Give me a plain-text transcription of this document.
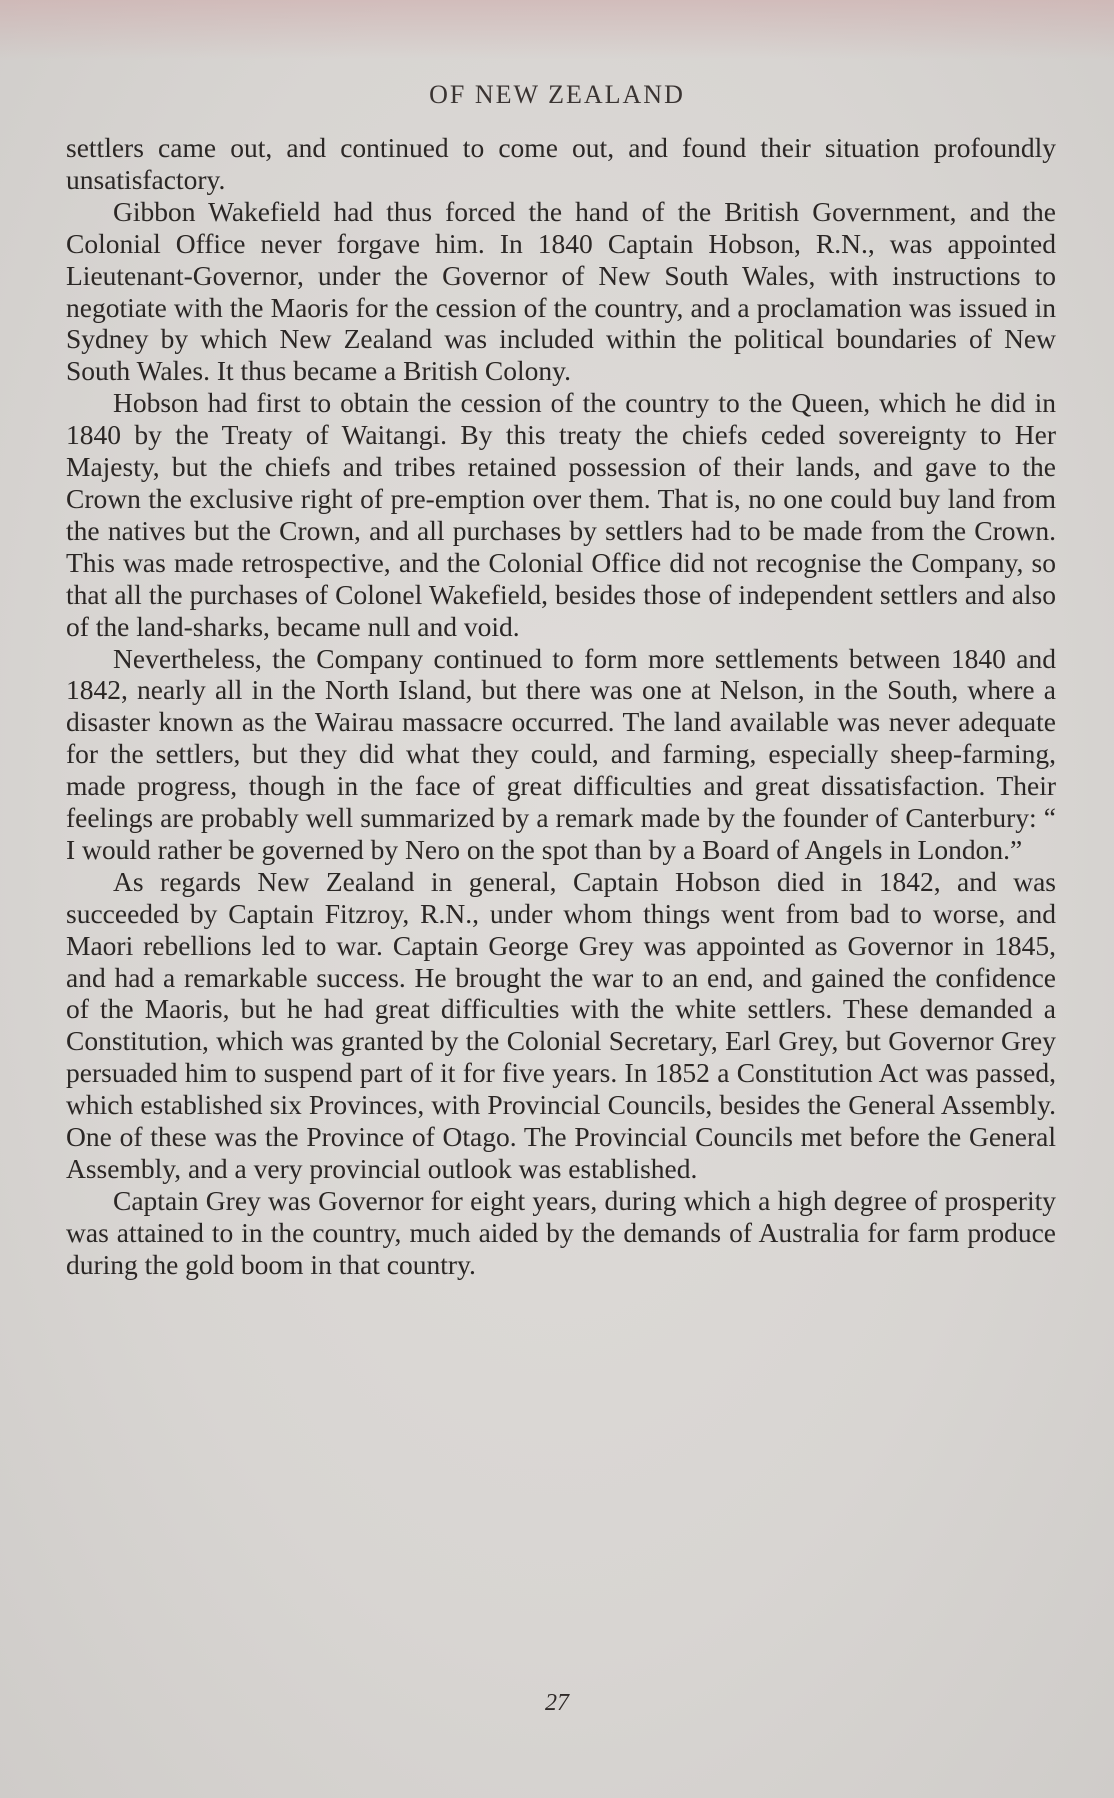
OF NEW ZEALAND

settlers came out, and continued to come out, and found their situation profoundly unsatisfactory.

Gibbon Wakefield had thus forced the hand of the British Government, and the Colonial Office never forgave him. In 1840 Captain Hobson, R.N., was appointed Lieutenant-Governor, under the Governor of New South Wales, with instructions to negotiate with the Maoris for the cession of the country, and a proclamation was issued in Sydney by which New Zealand was included within the political boundaries of New South Wales. It thus became a British Colony.

Hobson had first to obtain the cession of the country to the Queen, which he did in 1840 by the Treaty of Waitangi. By this treaty the chiefs ceded sovereignty to Her Majesty, but the chiefs and tribes retained possession of their lands, and gave to the Crown the exclusive right of pre-emption over them. That is, no one could buy land from the natives but the Crown, and all purchases by settlers had to be made from the Crown. This was made retrospective, and the Colonial Office did not recognise the Company, so that all the purchases of Colonel Wakefield, besides those of independent settlers and also of the land-sharks, became null and void.

Nevertheless, the Company continued to form more settlements between 1840 and 1842, nearly all in the North Island, but there was one at Nelson, in the South, where a disaster known as the Wairau massacre occurred. The land available was never adequate for the settlers, but they did what they could, and farming, especially sheep-farming, made progress, though in the face of great difficulties and great dissatisfaction. Their feelings are probably well summarized by a remark made by the founder of Canterbury: “ I would rather be governed by Nero on the spot than by a Board of Angels in London.”

As regards New Zealand in general, Captain Hobson died in 1842, and was succeeded by Captain Fitzroy, R.N., under whom things went from bad to worse, and Maori rebellions led to war. Captain George Grey was appointed as Governor in 1845, and had a remarkable success. He brought the war to an end, and gained the confidence of the Maoris, but he had great difficulties with the white settlers. These demanded a Constitution, which was granted by the Colonial Secretary, Earl Grey, but Governor Grey persuaded him to suspend part of it for five years. In 1852 a Constitution Act was passed, which established six Provinces, with Provincial Councils, besides the General Assembly. One of these was the Province of Otago. The Provincial Councils met before the General Assembly, and a very provincial outlook was established.

Captain Grey was Governor for eight years, during which a high degree of prosperity was attained to in the country, much aided by the demands of Australia for farm produce during the gold boom in that country.

27
